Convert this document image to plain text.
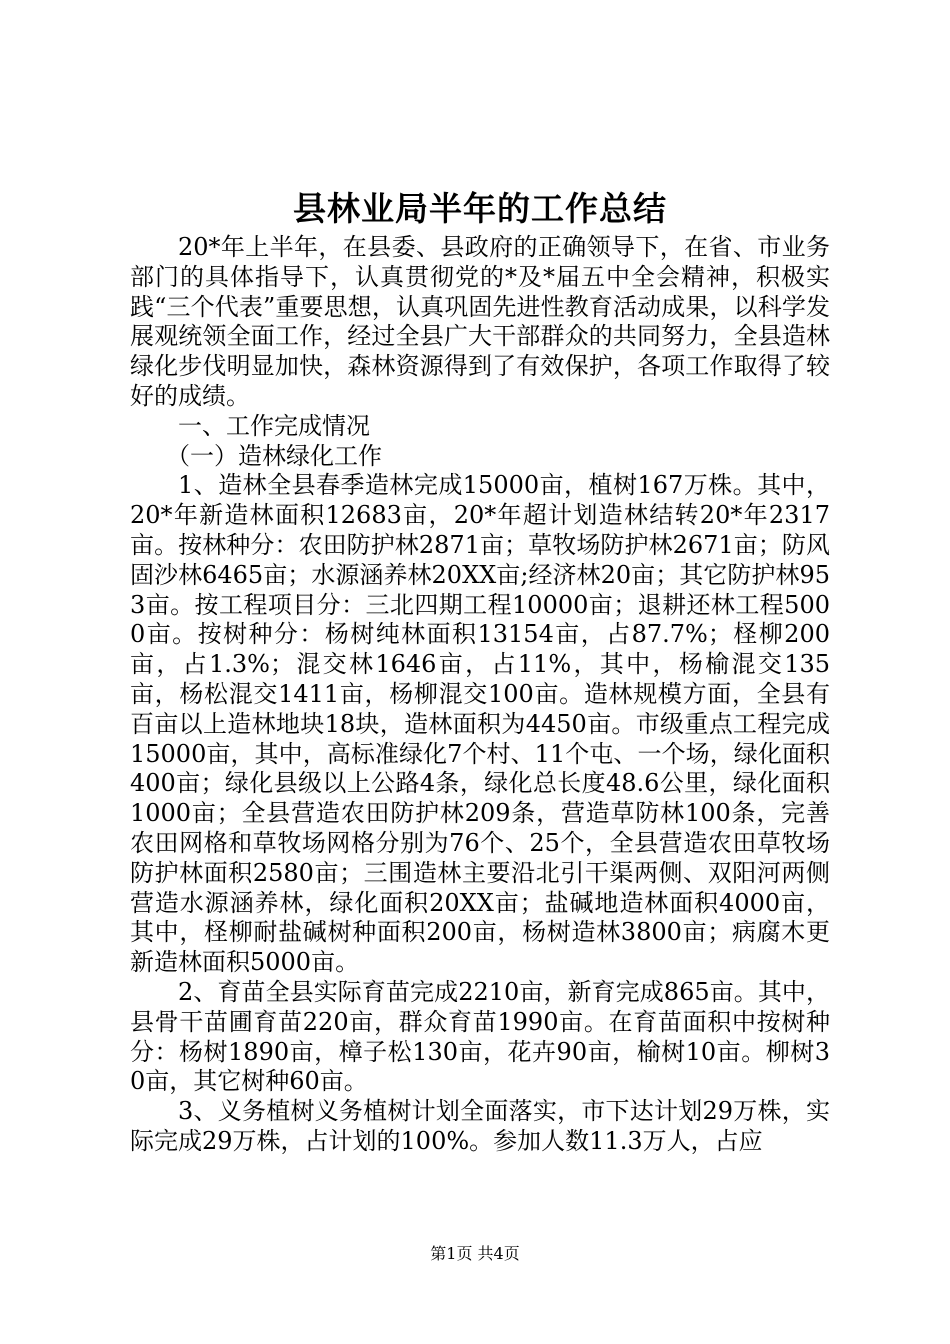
县林业局半年的工作总结

20*年上半年，在县委、县政府的正确领导下，在省、市业务部门的具体指导下，认真贯彻党的*及*届五中全会精神，积极实践“三个代表”重要思想，认真巩固先进性教育活动成果，以科学发展观统领全面工作，经过全县广大干部群众的共同努力，全县造林绿化步伐明显加快，森林资源得到了有效保护，各项工作取得了较好的成绩。

一、工作完成情况

（一）造林绿化工作

1、造林全县春季造林完成15000亩，植树167万株。其中，20*年新造林面积12683亩，20*年超计划造林结转20*年2317亩。按林种分：农田防护林2871亩；草牧场防护林2671亩；防风固沙林6465亩；水源涵养林20XX亩;经济林20亩；其它防护林953亩。按工程项目分：三北四期工程10000亩；退耕还林工程5000亩。按树种分：杨树纯林面积13154亩，占87.7%；柽柳200亩，占1.3%；混交林1646亩，占11%，其中，杨榆混交135亩，杨松混交1411亩，杨柳混交100亩。造林规模方面，全县有百亩以上造林地块18块，造林面积为4450亩。市级重点工程完成15000亩，其中，高标准绿化7个村、11个屯、一个场，绿化面积400亩；绿化县级以上公路4条，绿化总长度48.6公里，绿化面积1000亩；全县营造农田防护林209条，营造草防林100条，完善农田网格和草牧场网格分别为76个、25个，全县营造农田草牧场防护林面积2580亩；三围造林主要沿北引干渠两侧、双阳河两侧营造水源涵养林，绿化面积20XX亩；盐碱地造林面积4000亩，其中，柽柳耐盐碱树种面积200亩，杨树造林3800亩；病腐木更新造林面积5000亩。

2、育苗全县实际育苗完成2210亩，新育完成865亩。其中，县骨干苗圃育苗220亩，群众育苗1990亩。在育苗面积中按树种分：杨树1890亩，樟子松130亩，花卉90亩，榆树10亩。柳树30亩，其它树种60亩。

3、义务植树义务植树计划全面落实，市下达计划29万株，实际完成29万株，占计划的100%。参加人数11.3万人，占应

第1页 共4页
